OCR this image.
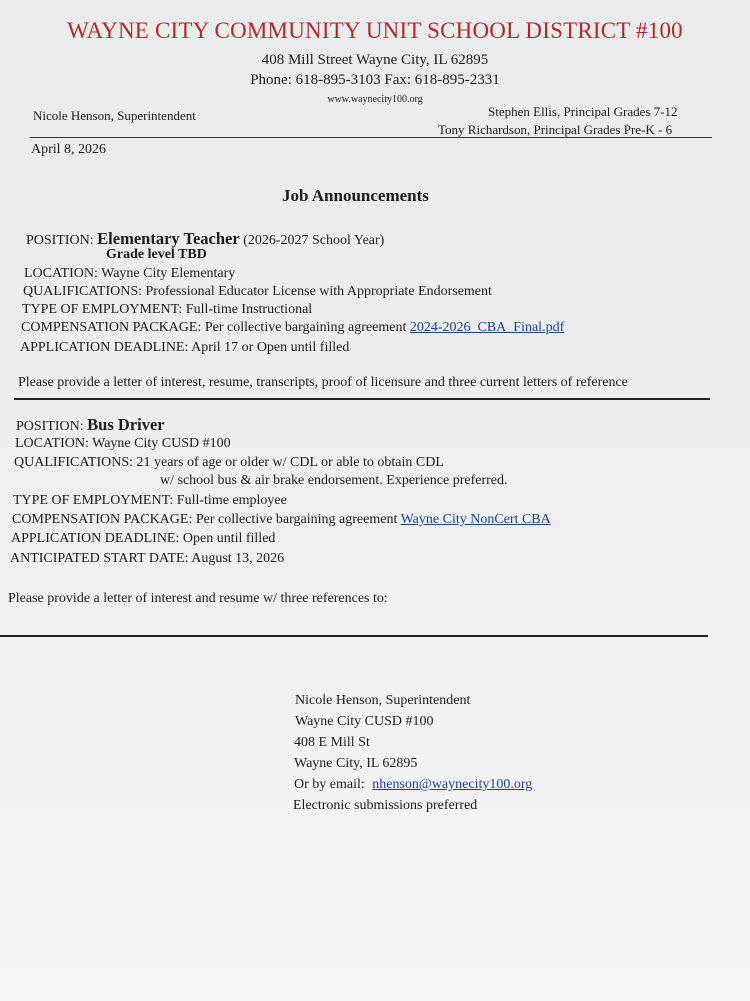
WAYNE CITY COMMUNITY UNIT SCHOOL DISTRICT #100
408 Mill Street Wayne City, IL 62895
Phone: 618-895-3103 Fax: 618-895-2331
www.waynecity100.org
Nicole Henson, Superintendent	Stephen Ellis, Principal Grades 7-12
Tony Richardson, Principal Grades Pre-K - 6
April 8, 2026
Job Announcements
POSITION: Elementary Teacher (2026-2027 School Year)
Grade level TBD
LOCATION: Wayne City Elementary
QUALIFICATIONS: Professional Educator License with Appropriate Endorsement
TYPE OF EMPLOYMENT: Full-time Instructional
COMPENSATION PACKAGE: Per collective bargaining agreement 2024-2026_CBA_Final.pdf
APPLICATION DEADLINE: April 17 or Open until filled
Please provide a letter of interest, resume, transcripts, proof of licensure and three current letters of reference
POSITION: Bus Driver
LOCATION: Wayne City CUSD #100
QUALIFICATIONS: 21 years of age or older w/ CDL or able to obtain CDL
w/ school bus & air brake endorsement. Experience preferred.
TYPE OF EMPLOYMENT: Full-time employee
COMPENSATION PACKAGE: Per collective bargaining agreement Wayne City NonCert CBA
APPLICATION DEADLINE: Open until filled
ANTICIPATED START DATE: August 13, 2026
Please provide a letter of interest and resume w/ three references to:
Nicole Henson, Superintendent
Wayne City CUSD #100
408 E Mill St
Wayne City, IL 62895
Or by email: nhenson@waynecity100.org
Electronic submissions preferred
